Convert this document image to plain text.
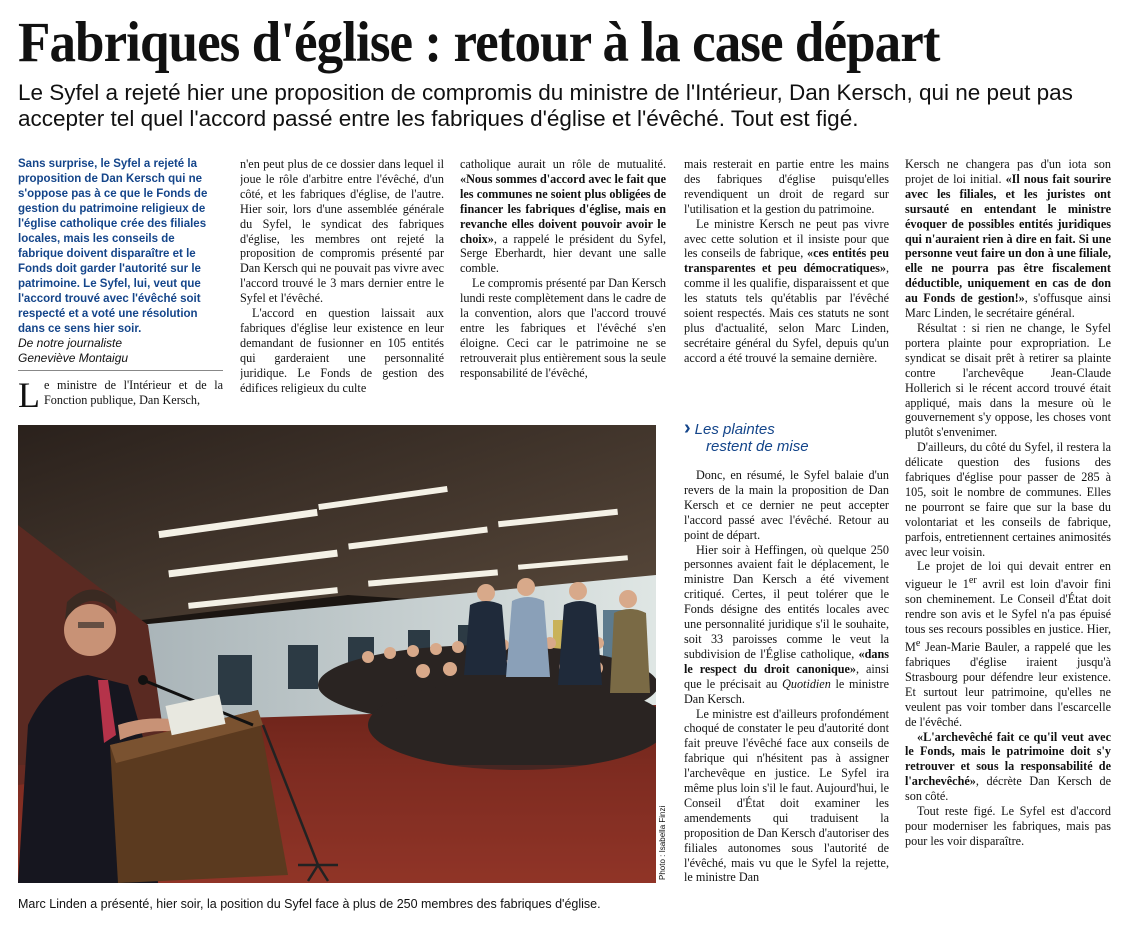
Fabriques d'église : retour à la case départ

Le Syfel a rejeté hier une proposition de compromis du ministre de l'Intérieur, Dan Kersch, qui ne peut pas accepter tel quel l'accord passé entre les fabriques d'église et l'évêché. Tout est figé.

Sans surprise, le Syfel a rejeté la proposition de Dan Kersch qui ne s'oppose pas à ce que le Fonds de gestion du patrimoine religieux de l'église catholique crée des filiales locales, mais les conseils de fabrique doivent disparaître et le Fonds doit garder l'autorité sur le patrimoine. Le Syfel, lui, veut que l'accord trouvé avec l'évêché soit respecté et a voté une résolution dans ce sens hier soir.

De notre journaliste

Geneviève Montaigu

L e ministre de l'Intérieur et de la Fonction publique, Dan Kersch,

n'en peut plus de ce dossier dans lequel il joue le rôle d'arbitre entre l'évêché, d'un côté, et les fabriques d'église, de l'autre. Hier soir, lors d'une assemblée générale du Syfel, le syndicat des fabriques d'église, les membres ont rejeté la proposition de compromis présenté par Dan Kersch qui ne pouvait pas vivre avec l'accord trouvé le 3 mars dernier entre le Syfel et l'évêché.

L'accord en question laissait aux fabriques d'église leur existence en leur demandant de fusionner en 105 entités qui garderaient une personnalité juridique. Le Fonds de gestion des édifices religieux du culte

catholique aurait un rôle de mutualité. «Nous sommes d'accord avec le fait que les communes ne soient plus obligées de financer les fabriques d'église, mais en revanche elles doivent pouvoir avoir le choix», a rappelé le président du Syfel, Serge Eberhardt, hier devant une salle comble.

Le compromis présenté par Dan Kersch lundi reste complètement dans le cadre de la convention, alors que l'accord trouvé entre les fabriques et l'évêché s'en éloigne. Ceci car le patrimoine ne se retrouverait plus entièrement sous la seule responsabilité de l'évêché,

mais resterait en partie entre les mains des fabriques d'église puisqu'elles revendiquent un droit de regard sur l'utilisation et la gestion du patrimoine.

Le ministre Kersch ne peut pas vivre avec cette solution et il insiste pour que les conseils de fabrique, «ces entités peu transparentes et peu démocratiques», comme il les qualifie, disparaissent et que les statuts tels qu'établis par l'évêché soient respectés. Mais ces statuts ne sont plus d'actualité, selon Marc Linden, secrétaire général du Syfel, depuis qu'un accord a été trouvé la semaine dernière.

› Les plaintes
restent de mise

Donc, en résumé, le Syfel balaie d'un revers de la main la proposition de Dan Kersch et ce dernier ne peut accepter l'accord passé avec l'évêché. Retour au point de départ.

Hier soir à Heffingen, où quelque 250 personnes avaient fait le déplacement, le ministre Dan Kersch a été vivement critiqué. Certes, il peut tolérer que le Fonds désigne des entités locales avec une personnalité juridique s'il le souhaite, soit 33 paroisses comme le veut la subdivision de l'Église catholique, «dans le respect du droit canonique», ainsi que le précisait au Quotidien le ministre Dan Kersch.

Le ministre est d'ailleurs profondément choqué de constater le peu d'autorité dont fait preuve l'évêché face aux conseils de fabrique qui n'hésitent pas à assigner l'archevêque en justice. Le Syfel ira même plus loin s'il le faut. Aujourd'hui, le Conseil d'État doit examiner les amendements qui traduisent la proposition de Dan Kersch d'autoriser des filiales autonomes sous l'autorité de l'évêché, mais vu que le Syfel la rejette, le ministre Dan

Kersch ne changera pas d'un iota son projet de loi initial. «Il nous fait sourire avec les filiales, et les juristes ont sursauté en entendant le ministre évoquer de possibles entités juridiques qui n'auraient rien à dire en fait. Si une personne veut faire un don à une filiale, elle ne pourra pas être fiscalement déductible, uniquement en cas de don au Fonds de gestion!», s'offusque ainsi Marc Linden, le secrétaire général.

Résultat : si rien ne change, le Syfel portera plainte pour expropriation. Le syndicat se disait prêt à retirer sa plainte contre l'archevêque Jean-Claude Hollerich si le récent accord trouvé était appliqué, mais dans la mesure où le gouvernement s'y oppose, les choses vont plutôt s'envenimer.

D'ailleurs, du côté du Syfel, il restera la délicate question des fusions des fabriques d'église pour passer de 285 à 105, soit le nombre de communes. Elles ne pourront se faire que sur la base du volontariat et les conseils de fabrique, parfois, entretiennent certaines animosités avec leur voisin.

Le projet de loi qui devait entrer en vigueur le 1er avril est loin d'avoir fini son cheminement. Le Conseil d'État doit rendre son avis et le Syfel n'a pas épuisé tous ses recours possibles en justice. Hier, Me Jean-Marie Bauler, a rappelé que les fabriques d'église iraient jusqu'à Strasbourg pour défendre leur existence. Et surtout leur patrimoine, qu'elles ne veulent pas voir tomber dans l'escarcelle de l'évêché.

«L'archevêché fait ce qu'il veut avec le Fonds, mais le patrimoine doit s'y retrouver et sous la responsabilité de l'archevêché», décrète Dan Kersch de son côté.

Tout reste figé. Le Syfel est d'accord pour moderniser les fabriques, mais pas pour les voir disparaître.

Photo : Isabella Finzi

Marc Linden a présenté, hier soir, la position du Syfel face à plus de 250 membres des fabriques d'église.
